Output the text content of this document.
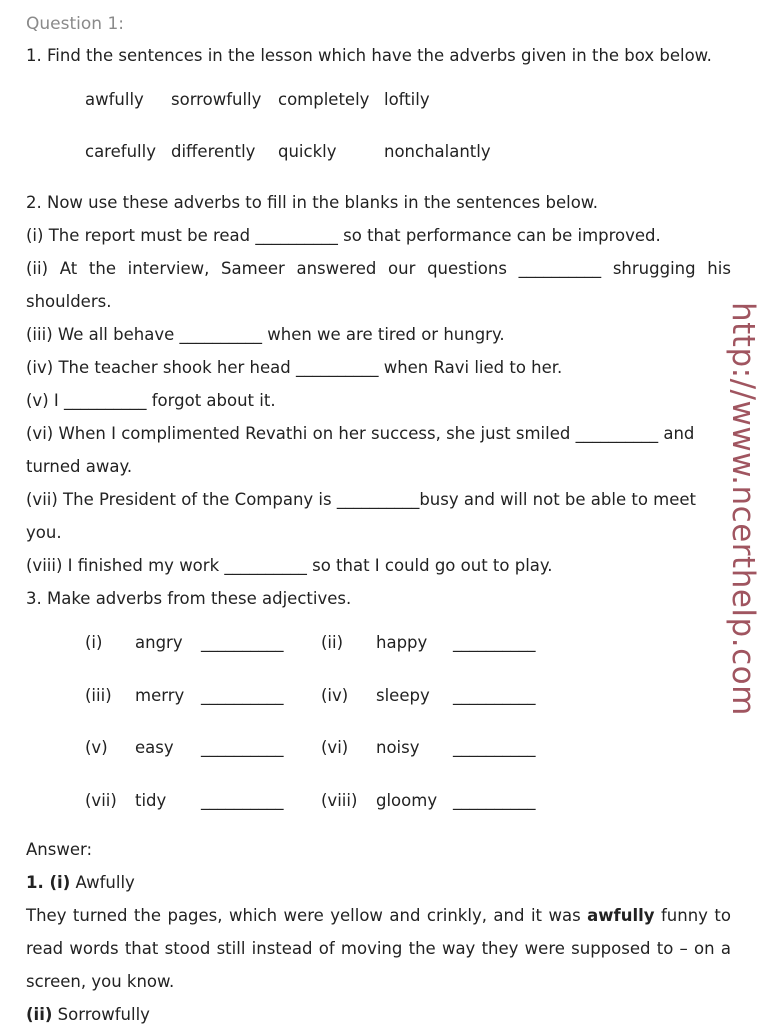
Question 1:
1. Find the sentences in the lesson which have the adverbs given in the box below.
awfully	sorrowfully	completely loftily
carefully differently	quickly	nonchalantly
2. Now use these adverbs to fill in the blanks in the sentences below.
(i) The report must be read __________ so that performance can be improved.
(ii) At the interview, Sameer answered our questions __________ shrugging his
shoulders.
(iii) We all behave __________ when we are tired or hungry.
(iv) The teacher shook her head __________ when Ravi lied to her.
(v) I __________ forgot about it.
(vi) When I complimented Revathi on her success, she just smiled __________ and
turned away.
(vii) The President of the Company is __________busy and will not be able to meet
you.
(viii) I finished my work __________ so that I could go out to play.
3. Make adverbs from these adjectives.
(i)	angry	__________	(ii)	happy	__________
(iii)	merry	__________	(iv)	sleepy	__________
(v)	easy	__________	(vi)	noisy	__________
(vii)	tidy	__________	(viii)	gloomy __________
Answer:
1. (i) Awfully
They turned the pages, which were yellow and crinkly, and it was awfully funny to
read words that stood still instead of moving the way they were supposed to – on a
screen, you know.
(ii) Sorrowfully
http://www.ncerthelp.com
